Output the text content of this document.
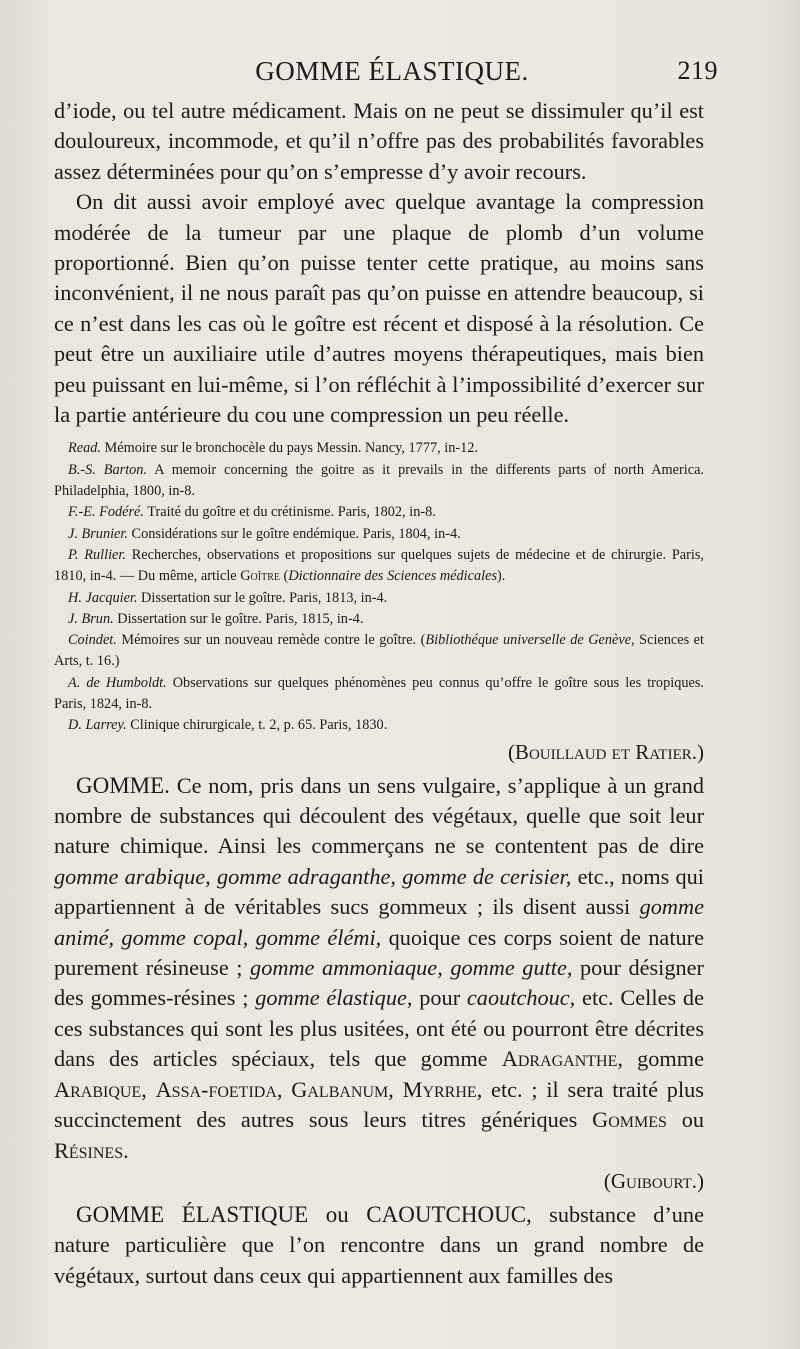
GOMME ÉLASTIQUE.	219

d’iode, ou tel autre médicament. Mais on ne peut se dissimuler qu’il est douloureux, incommode, et qu’il n’offre pas des probabilités favorables assez déterminées pour qu’on s’empresse d’y avoir recours.

On dit aussi avoir employé avec quelque avantage la compression modérée de la tumeur par une plaque de plomb d’un volume proportionné. Bien qu’on puisse tenter cette pratique, au moins sans inconvénient, il ne nous paraît pas qu’on puisse en attendre beaucoup, si ce n’est dans les cas où le goître est récent et disposé à la résolution. Ce peut être un auxiliaire utile d’autres moyens thérapeutiques, mais bien peu puissant en lui-même, si l’on réfléchit à l’impossibilité d’exercer sur la partie antérieure du cou une compression un peu réelle.

Read. Mémoire sur le bronchocèle du pays Messin. Nancy, 1777, in-12.

B.-S. Barton. A memoir concerning the goitre as it prevails in the differents parts of north America. Philadelphia, 1800, in-8.

F.-E. Fodéré. Traité du goître et du crétinisme. Paris, 1802, in-8.

J. Brunier. Considérations sur le goître endémique. Paris, 1804, in-4.

P. Rullier. Recherches, observations et propositions sur quelques sujets de médecine et de chirurgie. Paris, 1810, in-4. — Du même, article Goître (Dictionnaire des Sciences médicales).

H. Jacquier. Dissertation sur le goître. Paris, 1813, in-4.

J. Brun. Dissertation sur le goître. Paris, 1815, in-4.

Coindet. Mémoires sur un nouveau remède contre le goître. (Bibliothéque universelle de Genève, Sciences et Arts, t. 16.)

A. de Humboldt. Observations sur quelques phénomènes peu connus qu’offre le goître sous les tropiques. Paris, 1824, in-8.

D. Larrey. Clinique chirurgicale, t. 2, p. 65. Paris, 1830.

(Bouillaud et Ratier.)

GOMME. Ce nom, pris dans un sens vulgaire, s’applique à un grand nombre de substances qui découlent des végétaux, quelle que soit leur nature chimique. Ainsi les commerçans ne se contentent pas de dire gomme arabique, gomme adraganthe, gomme de cerisier, etc., noms qui appartiennent à de véritables sucs gommeux ; ils disent aussi gomme animé, gomme copal, gomme élémi, quoique ces corps soient de nature purement résineuse ; gomme ammoniaque, gomme gutte, pour désigner des gommes-résines ; gomme élastique, pour caoutchouc, etc. Celles de ces substances qui sont les plus usitées, ont été ou pourront être décrites dans des articles spéciaux, tels que gomme Adraganthe, gomme Arabique, Assa-foetida, Galbanum, Myrrhe, etc. ; il sera traité plus succinctement des autres sous leurs titres génériques Gommes ou Résines.

(Guibourt.)

GOMME ÉLASTIQUE ou CAOUTCHOUC, substance d’une nature particulière que l’on rencontre dans un grand nombre de végétaux, surtout dans ceux qui appartiennent aux familles des
